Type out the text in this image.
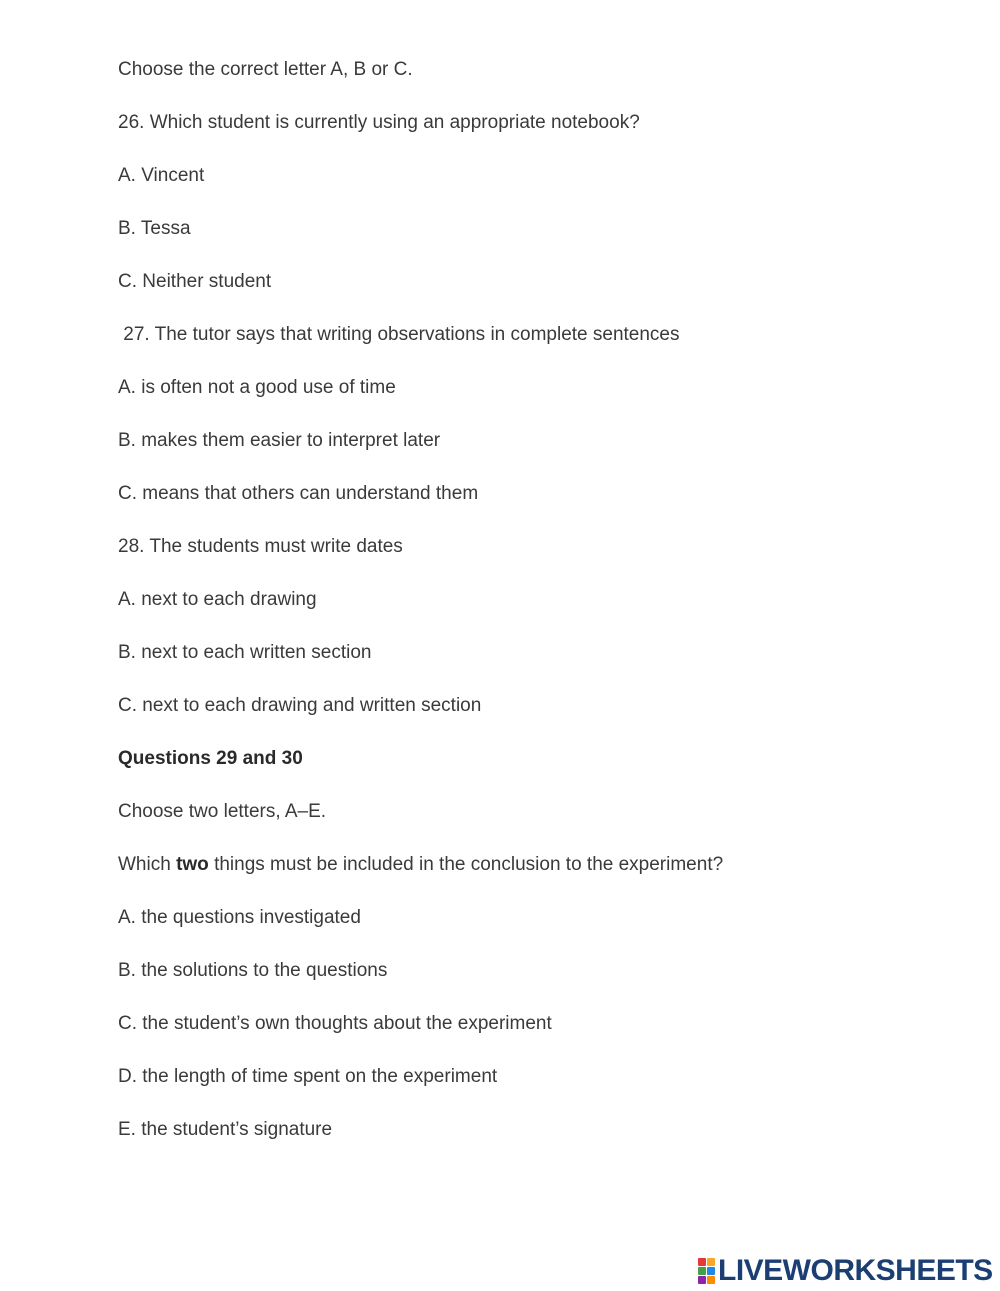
Choose the correct letter A, B or C.

26. Which student is currently using an appropriate notebook?

A. Vincent

B. Tessa

C. Neither student

27. The tutor says that writing observations in complete sentences

A. is often not a good use of time

B. makes them easier to interpret later

C. means that others can understand them

28. The students must write dates

A. next to each drawing

B. next to each written section

C. next to each drawing and written section

Questions 29 and 30

Choose two letters, A–E.

Which two things must be included in the conclusion to the experiment?

A. the questions investigated

B. the solutions to the questions

C. the student’s own thoughts about the experiment

D. the length of time spent on the experiment

E. the student’s signature

LIVEWORKSHEETS
